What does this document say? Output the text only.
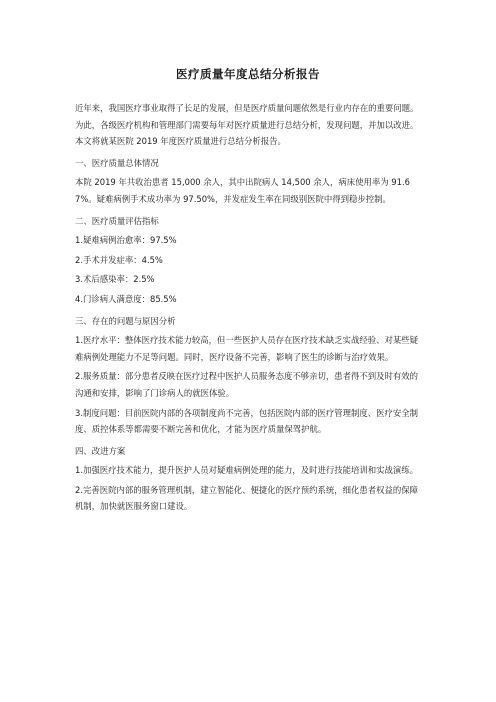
医疗质量年度总结分析报告

近年来，我国医疗事业取得了长足的发展，但是医疗质量问题依然是行业内存在的重要问题。为此，各级医疗机构和管理部门需要每年对医疗质量进行总结分析，发现问题，并加以改进。本文将就某医院 2019 年度医疗质量进行总结分析报告。

一、医疗质量总体情况

本院 2019 年共收治患者 15,000 余人，其中出院病人 14,500 余人，病床使用率为 91.67%。疑难病例手术成功率为 97.50%，并发症发生率在同级别医院中得到稳步控制。

二、医疗质量评估指标

1.疑难病例治愈率：97.5%

2.手术并发症率：4.5%

3.术后感染率：2.5%

4.门诊病人满意度：85.5%

三、存在的问题与原因分析

1.医疗水平：整体医疗技术能力较高，但一些医护人员存在医疗技术缺乏实战经验、对某些疑难病例处理能力不足等问题。同时，医疗设备不完善，影响了医生的诊断与治疗效果。

2.服务质量：部分患者反映在医疗过程中医护人员服务态度不够亲切，患者得不到及时有效的沟通和安排，影响了门诊病人的就医体验。

3.制度问题：目前医院内部的各项制度尚不完善，包括医院内部的医疗管理制度、医疗安全制度、质控体系等都需要不断完善和优化，才能为医疗质量保驾护航。

四、改进方案

1.加强医疗技术能力，提升医护人员对疑难病例处理的能力，及时进行技能培训和实战演练。

2.完善医院内部的服务管理机制，建立智能化、便捷化的医疗预约系统，细化患者权益的保障机制，加快就医服务窗口建设。
